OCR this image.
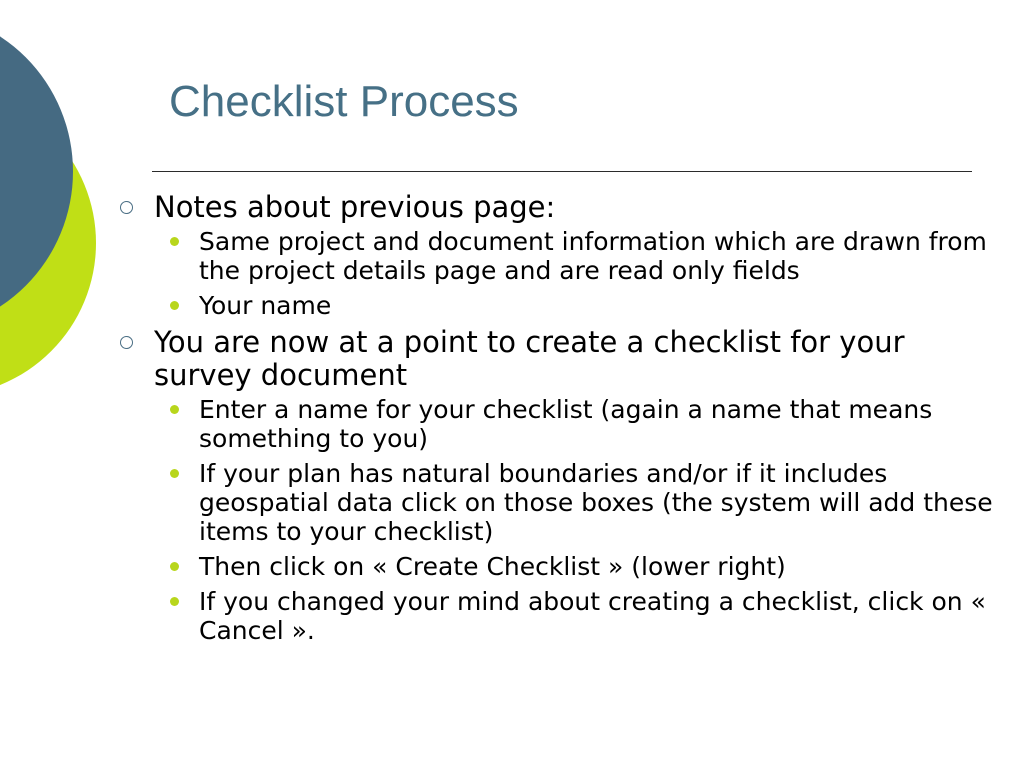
Checklist Process
Notes about previous page:
Same project and document information which are drawn from the project details page and are read only fields
Your name
You are now at a point to create a checklist for your survey document
Enter a name for your checklist (again a name that means something to you)
If your plan has natural boundaries and/or if it includes geospatial data click on those boxes (the system will add these items to your checklist)
Then click on « Create Checklist » (lower right)
If you changed your mind about creating a checklist, click on « Cancel ».
